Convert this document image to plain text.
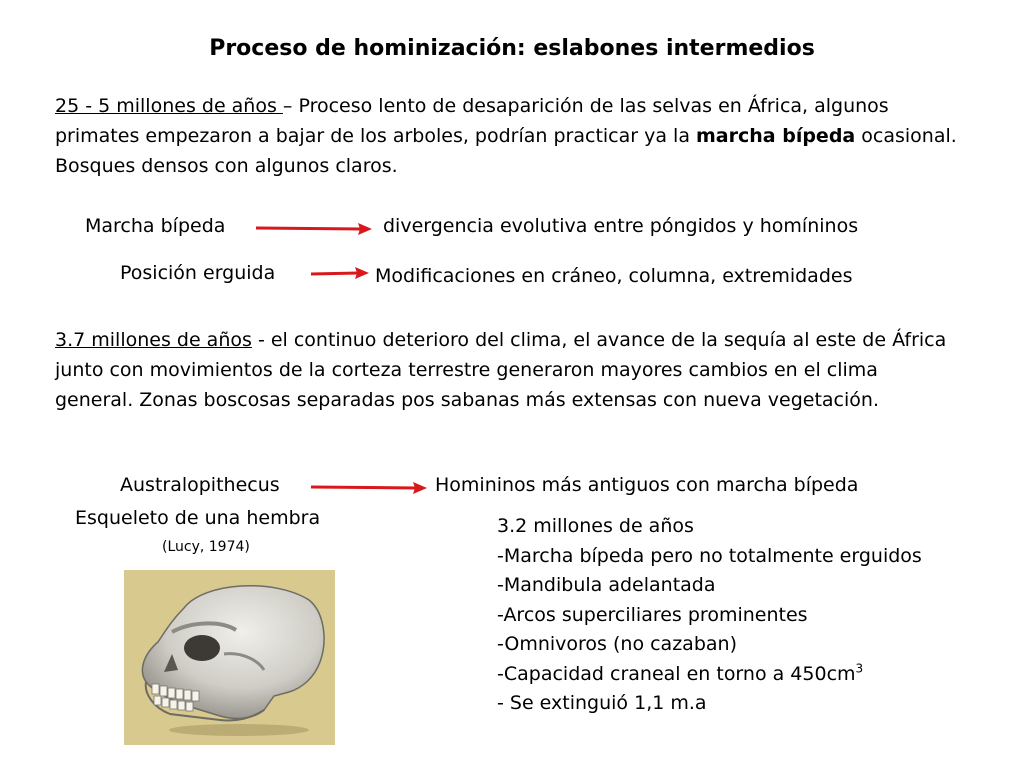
Proceso de hominización: eslabones intermedios
25 - 5 millones de años – Proceso lento de desaparición de las selvas en África, algunos primates empezaron a bajar de los arboles, podrían practicar ya la marcha bípeda ocasional. Bosques densos con algunos claros.
Marcha bípeda	divergencia evolutiva entre póngidos y homíninos
Posición erguida	Modificaciones en cráneo, columna, extremidades
3.7 millones de años - el continuo deterioro del clima, el avance de la sequía al este de África junto con movimientos de la corteza terrestre generaron mayores cambios en el clima general. Zonas boscosas separadas pos sabanas más extensas con nueva vegetación.
Australopithecus	Homininos más antiguos con marcha bípeda
Esqueleto de una hembra
(Lucy, 1974)
3.2 millones de años
-Marcha bípeda pero no totalmente erguidos
-Mandibula adelantada
-Arcos superciliares prominentes
-Omnivoros (no cazaban)
-Capacidad craneal en torno a $450cm^3$
- Se extinguió 1,1 m.a
